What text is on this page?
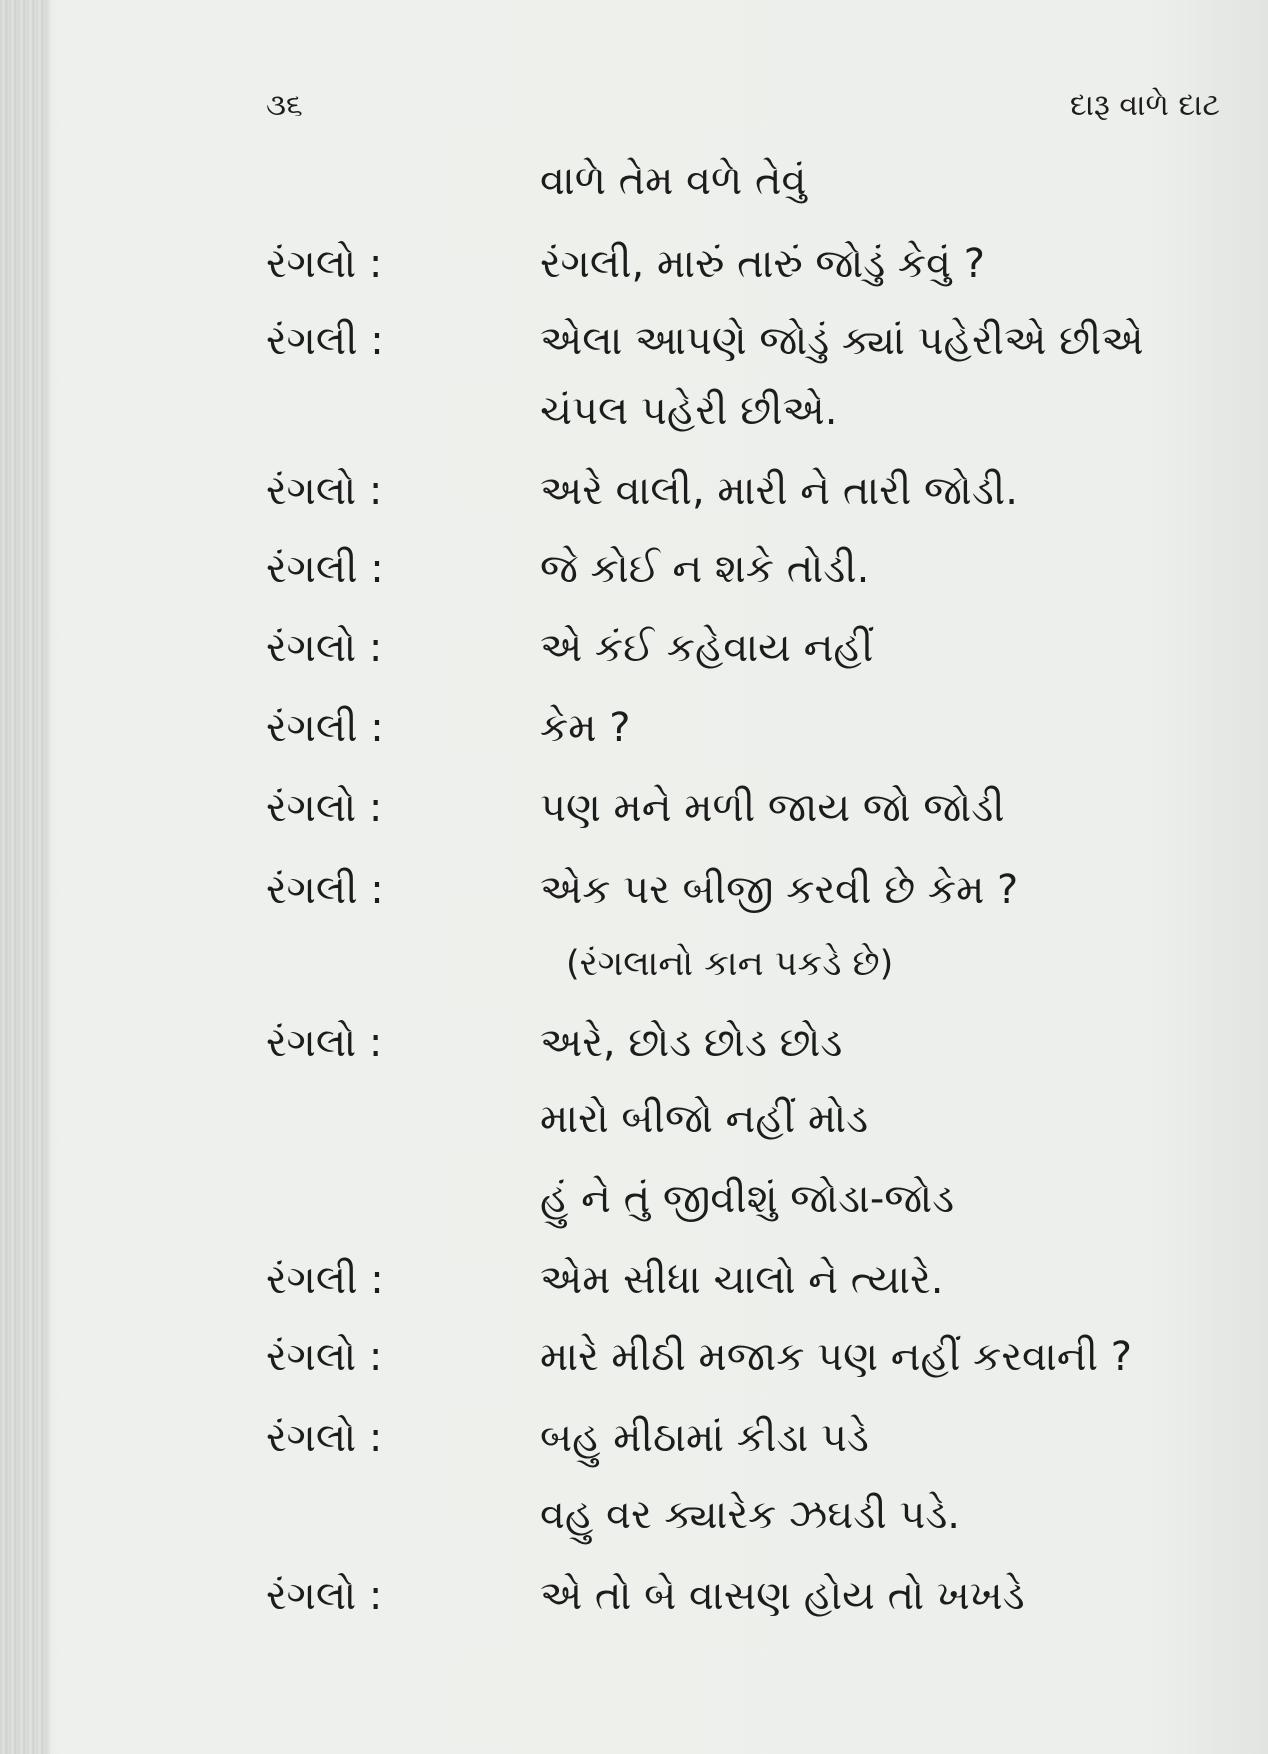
૩૬	દારૂ વાળે દાટ
વાળે તેમ વળે તેવું
રંગલો :	રંગલી, મારું તારું જોડું કેવું ?
રંગલી :	એલા આપણે જોડું ક્યાં પહેરીએ છીએ
ચંપલ પહેરી છીએ.
રંગલો :	અરે વાલી, મારી ને તારી જોડી.
રંગલી :	જે કોઈ ન શકે તોડી.
રંગલો :	એ કંઈ કહેવાય નહીં
રંગલી :	કેમ ?
રંગલો :	પણ મને મળી જાય જો જોડી
રંગલી :	એક પર બીજી કરવી છે કેમ ?
(રંગલાનો કાન પકડે છે)
રંગલો :	અરે, છોડ છોડ છોડ
મારો બીજો નહીં મોડ
હું ને તું જીવીશું જોડા-જોડ
રંગલી :	એમ સીધા ચાલો ને ત્યારે.
રંગલો :	મારે મીઠી મજાક પણ નહીં કરવાની ?
રંગલો :	બહુ મીઠામાં કીડા પડે
વહુ વર ક્યારેક ઝઘડી પડે.
રંગલો :	એ તો બે વાસણ હોય તો ખખડે
